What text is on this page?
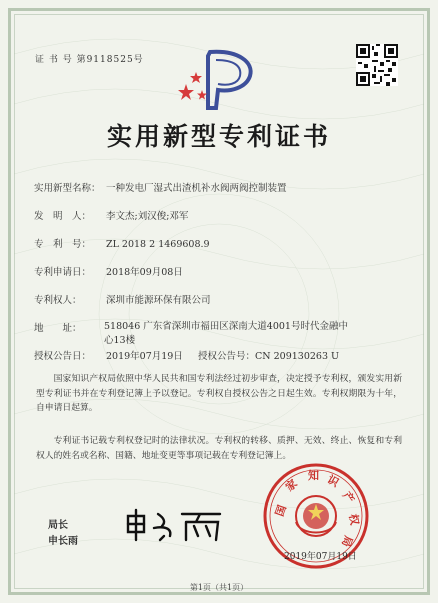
证 书 号 第9118525号
实用新型专利证书
实用新型名称： 一种发电厂湿式出渣机补水阀两阀控制装置
发　明　人： 李文杰;刘汉俊;邓军
专　利　号： ZL 2018 2 1469608.9
专利申请日： 2018年09月08日
专利权人：	深圳市能源环保有限公司
地　　址：	518046 广东省深圳市福田区深南大道4001号时代金融中
心13楼
授权公告日： 2019年07月19日 授权公告号：CN 209130263 U
国家知识产权局依照中华人民共和国专利法经过初步审查，决定授予专利权，颁发实用新型专利证书并在专利登记簿上予以登记。专利权自授权公告之日起生效。专利权期限为十年，自申请日起算。
专利证书记载专利权登记时的法律状况。专利权的转移、质押、无效、终止、恢复和专利权人的姓名或名称、国籍、地址变更等事项记载在专利登记簿上。
局长
申长雨
国
家
知 识
产
权
局
2019年07月19日
第1页（共1页）
